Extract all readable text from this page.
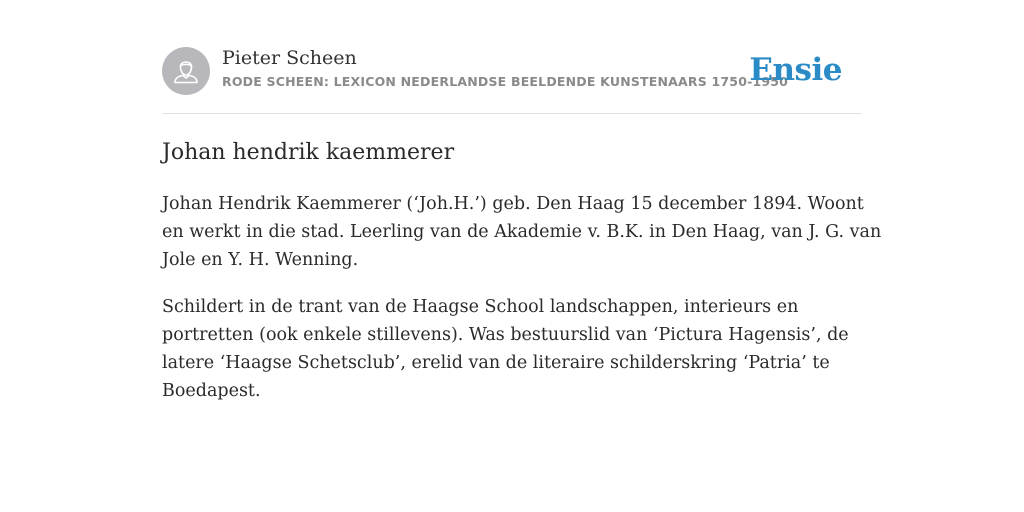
Pieter Scheen
RODE SCHEEN: LEXICON NEDERLANDSE BEELDENDE KUNSTENAARS 1750-1950
Ensie
Johan hendrik kaemmerer

Johan Hendrik Kaemmerer (‘Joh.H.’) geb. Den Haag 15 december 1894. Woont en werkt in die stad. Leerling van de Akademie v. B.K. in Den Haag, van J. G. van Jole en Y. H. Wenning.

Schildert in de trant van de Haagse School landschappen, interieurs en portretten (ook enkele stillevens). Was bestuurslid van ‘Pictura Hagensis’, de latere ‘Haagse Schetsclub’, erelid van de literaire schilderskring ‘Patria’ te Boedapest.
